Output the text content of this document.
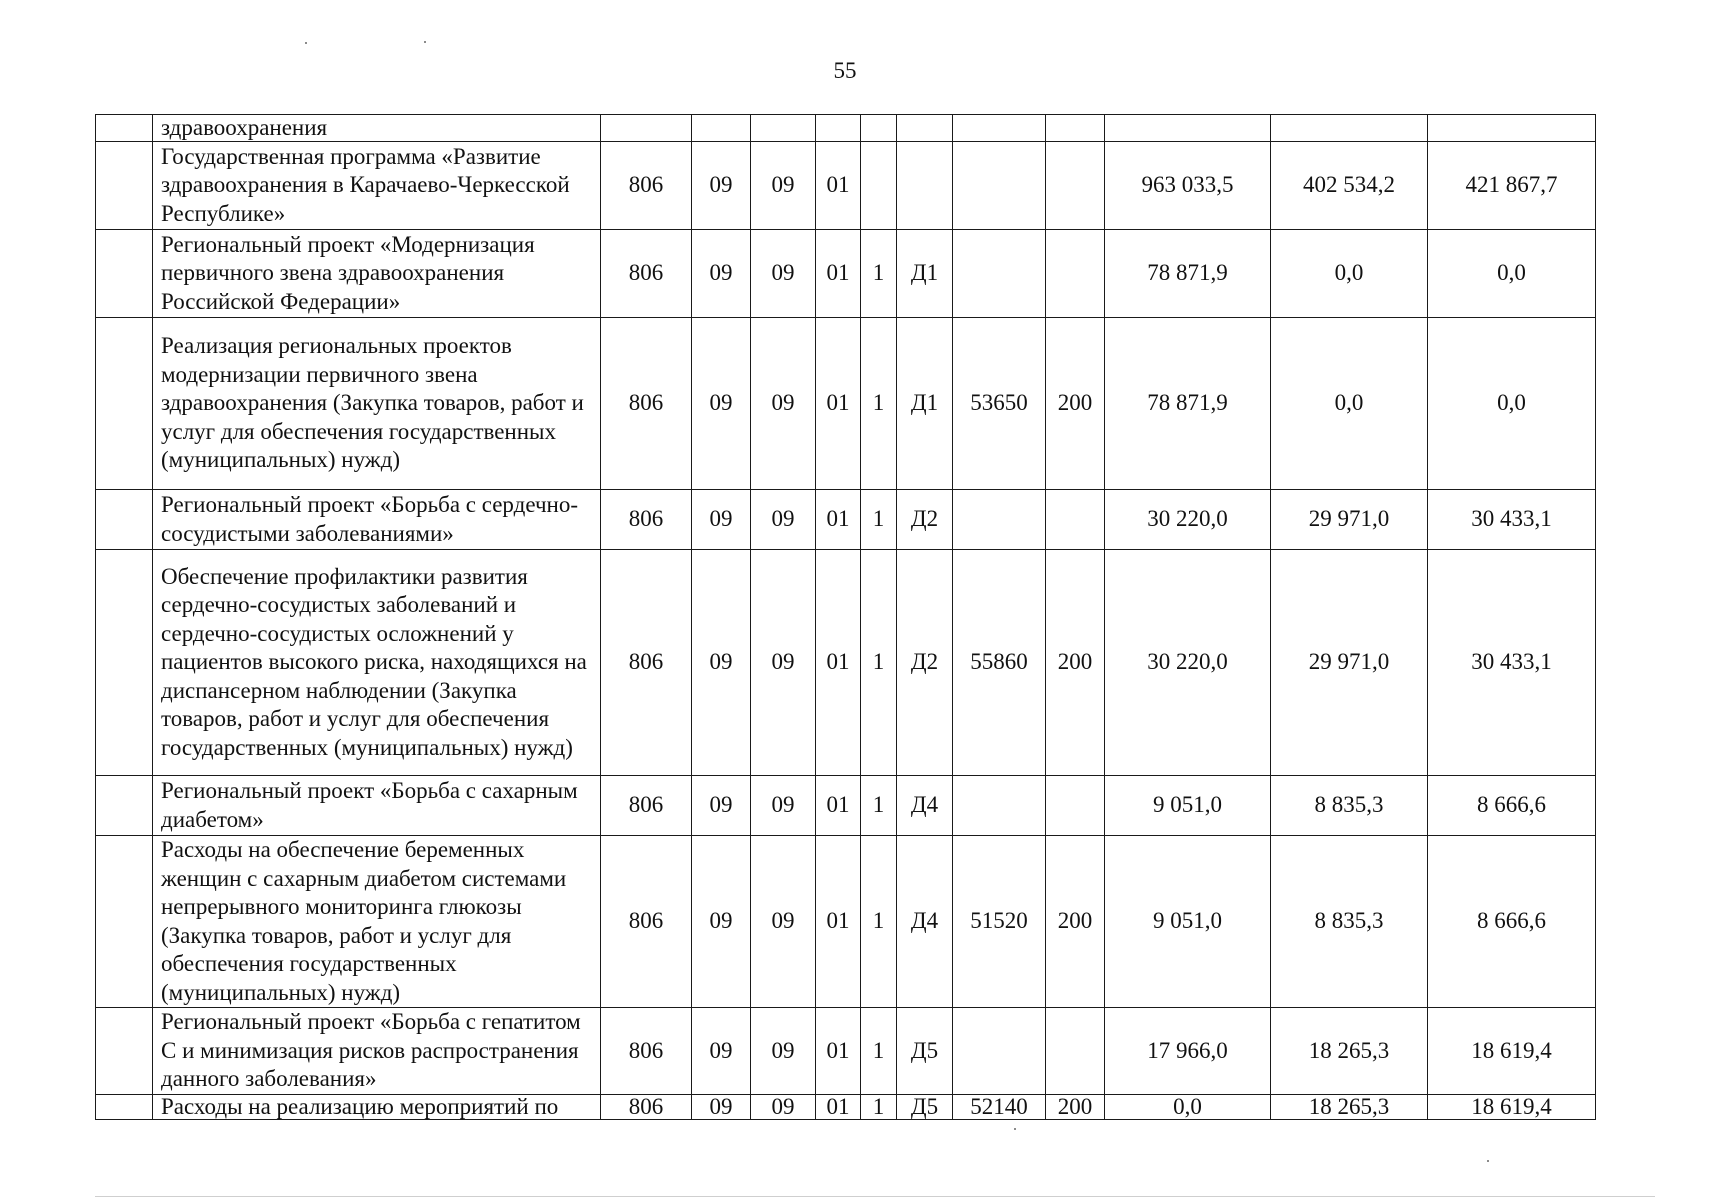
55
	здравоохранения											
	Государственная программа «Развитие здравоохранения в Карачаево-Черкесской Республике»	806	09	09	01					963 033,5	402 534,2	421 867,7
	Региональный проект «Модернизация первичного звена здравоохранения Российской Федерации»	806	09	09	01	1	Д1			78 871,9	0,0	0,0
	Реализация региональных проектов модернизации первичного звена здравоохранения (Закупка товаров, работ и услуг для обеспечения государственных (муниципальных) нужд)	806	09	09	01	1	Д1	53650	200	78 871,9	0,0	0,0
	Региональный проект «Борьба с сердечно-сосудистыми заболеваниями»	806	09	09	01	1	Д2			30 220,0	29 971,0	30 433,1
	Обеспечение профилактики развития сердечно-сосудистых заболеваний и сердечно-сосудистых осложнений у пациентов высокого риска, находящихся на диспансерном наблюдении (Закупка товаров, работ и услуг для обеспечения государственных (муниципальных) нужд)	806	09	09	01	1	Д2	55860	200	30 220,0	29 971,0	30 433,1
	Региональный проект «Борьба с сахарным диабетом»	806	09	09	01	1	Д4			9 051,0	8 835,3	8 666,6
	Расходы на обеспечение беременных женщин с сахарным диабетом системами непрерывного мониторинга глюкозы (Закупка товаров, работ и услуг для обеспечения государственных (муниципальных) нужд)	806	09	09	01	1	Д4	51520	200	9 051,0	8 835,3	8 666,6
	Региональный проект «Борьба с гепатитом С и минимизация рисков распространения данного заболевания»	806	09	09	01	1	Д5			17 966,0	18 265,3	18 619,4
	Расходы на реализацию мероприятий по	806	09	09	01	1	Д5	52140	200	0,0	18 265,3	18 619,4
